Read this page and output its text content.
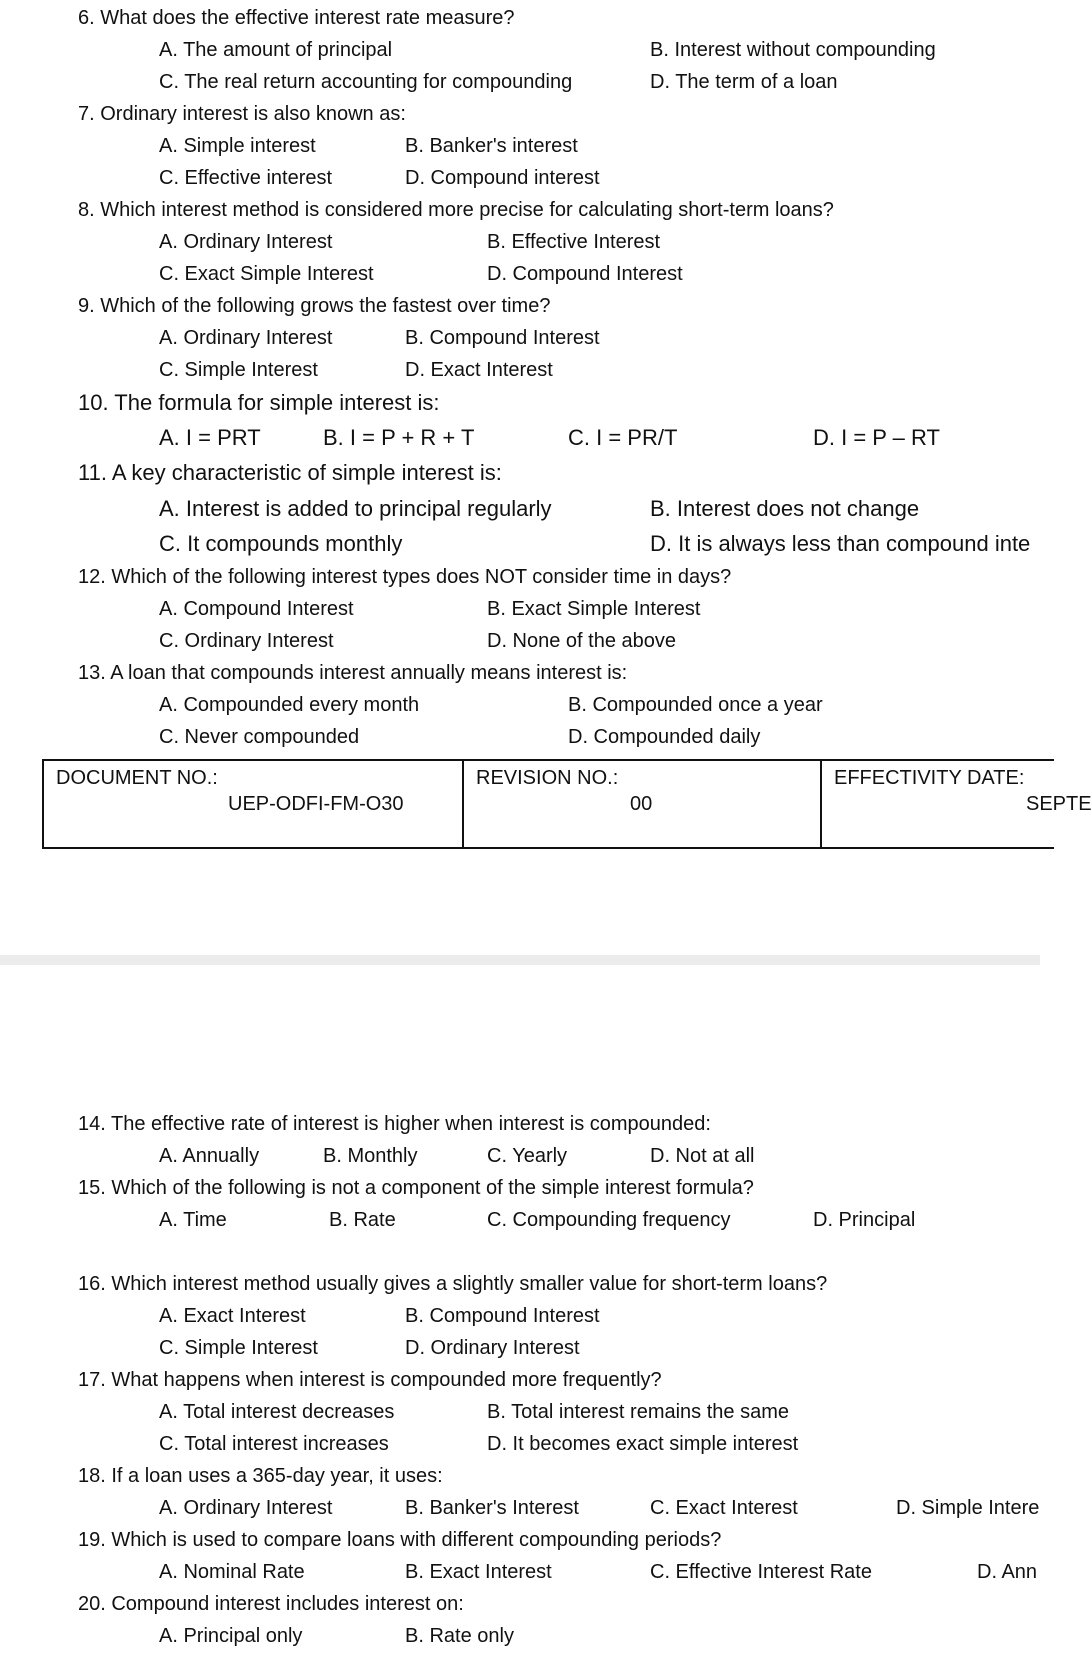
6. What does the effective interest rate measure?
A. The amount of principal	B. Interest without compounding
C. The real return accounting for compounding	D. The term of a loan
7. Ordinary interest is also known as:
A. Simple interest	B. Banker's interest
C. Effective interest	D. Compound interest
8. Which interest method is considered more precise for calculating short-term loans?
A. Ordinary Interest	B. Effective Interest
C. Exact Simple Interest	D. Compound Interest
9. Which of the following grows the fastest over time?
A. Ordinary Interest	B. Compound Interest
C. Simple Interest	D. Exact Interest
10. The formula for simple interest is:
A. I = PRT	B. I = P + R + T	C. I = PR/T	D. I = P – RT
11. A key characteristic of simple interest is:
A. Interest is added to principal regularly	B. Interest does not change
C. It compounds monthly	D. It is always less than compound inte
12. Which of the following interest types does NOT consider time in days?
A. Compound Interest	B. Exact Simple Interest
C. Ordinary Interest	D. None of the above
13. A loan that compounds interest annually means interest is:
A. Compounded every month	B. Compounded once a year
C. Never compounded	D. Compounded daily
DOCUMENT NO.:
UEP-ODFI-FM-O30
REVISION NO.:
00
EFFECTIVITY DATE:
SEPTE
14. The effective rate of interest is higher when interest is compounded:
A. Annually	B. Monthly	C. Yearly	D. Not at all
15. Which of the following is not a component of the simple interest formula?
A. Time	B. Rate	C. Compounding frequency	D. Principal
16. Which interest method usually gives a slightly smaller value for short-term loans?
A. Exact Interest	B. Compound Interest
C. Simple Interest	D. Ordinary Interest
17. What happens when interest is compounded more frequently?
A. Total interest decreases	B. Total interest remains the same
C. Total interest increases	D. It becomes exact simple interest
18. If a loan uses a 365-day year, it uses:
A. Ordinary Interest	B. Banker's Interest	C. Exact Interest	D. Simple Intere
19. Which is used to compare loans with different compounding periods?
A. Nominal Rate	B. Exact Interest	C. Effective Interest Rate	D. Ann
20. Compound interest includes interest on:
A. Principal only	B. Rate only
